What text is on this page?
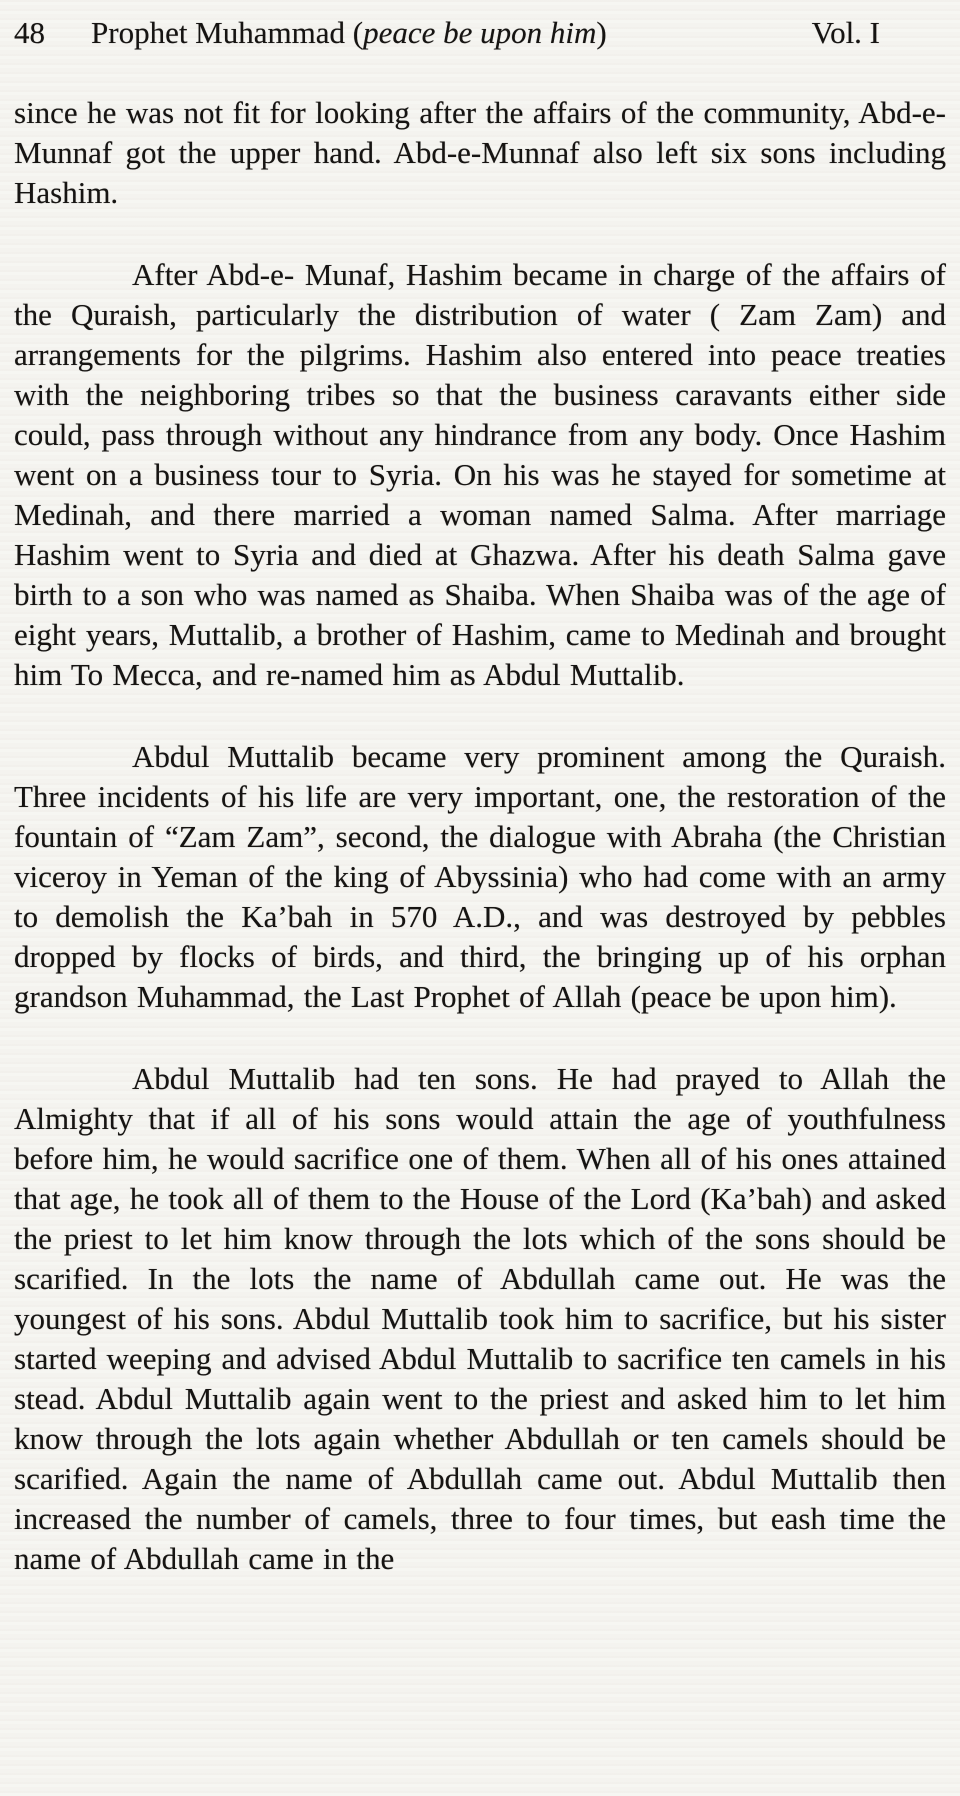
48 Prophet Muhammad (peace be upon him)	Vol. I

since he was not fit for looking after the affairs of the community, Abd-e-Munnaf got the upper hand. Abd-e-Munnaf also left six sons including Hashim.

After Abd-e- Munaf, Hashim became in charge of the affairs of the Quraish, particularly the distribution of water ( Zam Zam) and arrangements for the pilgrims. Hashim also entered into peace treaties with the neighboring tribes so that the business caravants either side could, pass through without any hindrance from any body. Once Hashim went on a business tour to Syria. On his was he stayed for sometime at Medinah, and there married a woman named Salma. After marriage Hashim went to Syria and died at Ghazwa. After his death Salma gave birth to a son who was named as Shaiba. When Shaiba was of the age of eight years, Muttalib, a brother of Hashim, came to Medinah and brought him To Mecca, and re-named him as Abdul Muttalib.

Abdul Muttalib became very prominent among the Quraish. Three incidents of his life are very important, one, the restoration of the fountain of “Zam Zam”, second, the dialogue with Abraha (the Christian viceroy in Yeman of the king of Abyssinia) who had come with an army to demolish the Ka’bah in 570 A.D., and was destroyed by pebbles dropped by flocks of birds, and third, the bringing up of his orphan grandson Muhammad, the Last Prophet of Allah (peace be upon him).

Abdul Muttalib had ten sons. He had prayed to Allah the Almighty that if all of his sons would attain the age of youthfulness before him, he would sacrifice one of them. When all of his ones attained that age, he took all of them to the House of the Lord (Ka’bah) and asked the priest to let him know through the lots which of the sons should be scarified. In the lots the name of Abdullah came out. He was the youngest of his sons. Abdul Muttalib took him to sacrifice, but his sister started weeping and advised Abdul Muttalib to sacrifice ten camels in his stead. Abdul Muttalib again went to the priest and asked him to let him know through the lots again whether Abdullah or ten camels should be scarified. Again the name of Abdullah came out. Abdul Muttalib then increased the number of camels, three to four times, but eash time the name of Abdullah came in the
